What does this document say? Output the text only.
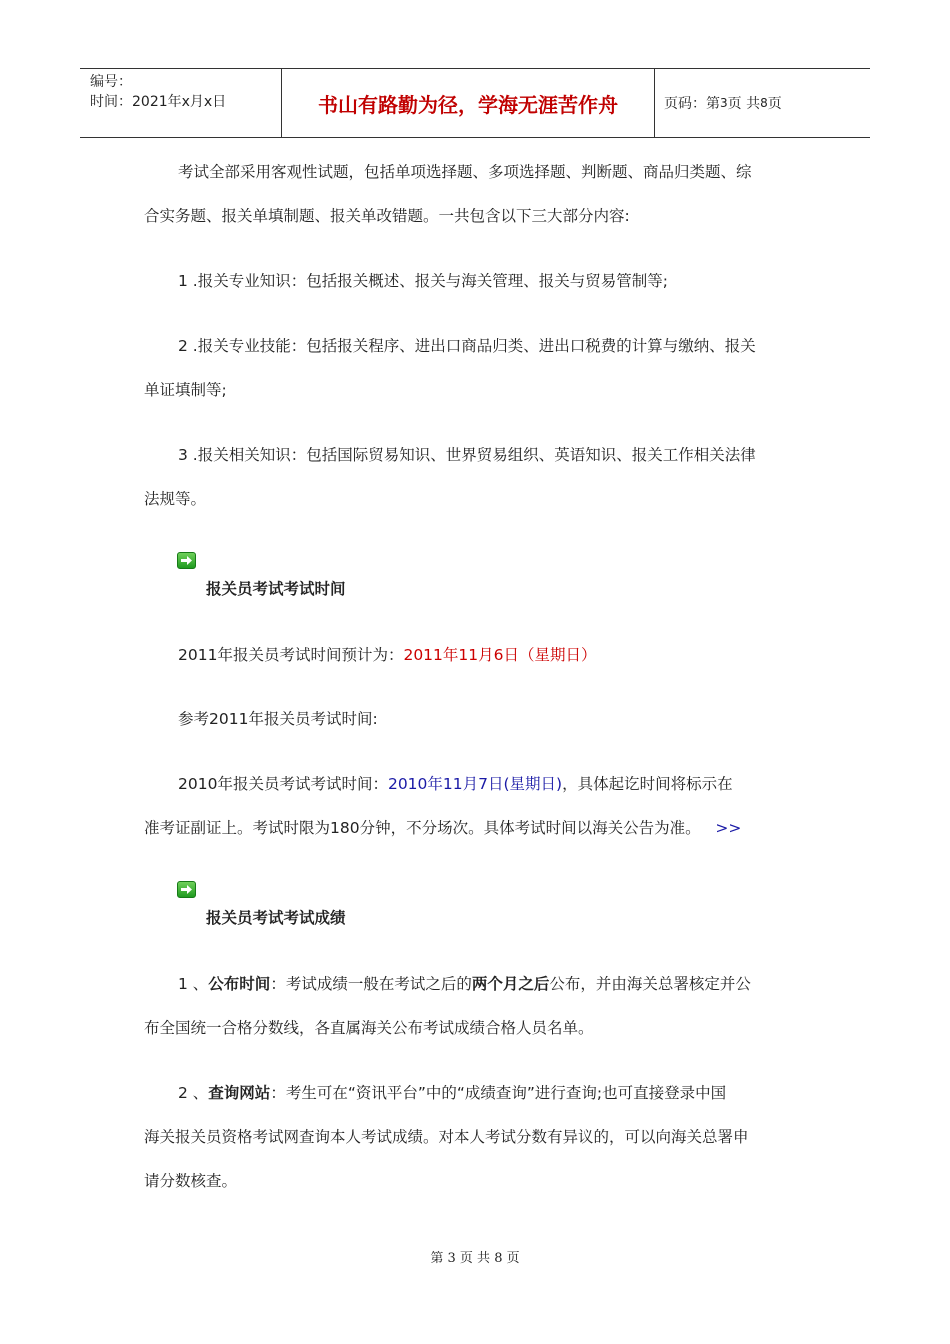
编号：
时间：2021年x月x日	书山有路勤为径，学海无涯苦作舟	页码：第 3 页 共 8 页

考试全部采用客观性试题，包括单项选择题、多项选择题、判断题、商品归类题、综

合实务题、报关单填制题、报关单改错题。一共包含以下三大部分内容:

1 .报关专业知识：包括报关概述、报关与海关管理、报关与贸易管制等;

2 .报关专业技能：包括报关程序、进出口商品归类、进出口税费的计算与缴纳、报关

单证填制等;

3 .报关相关知识：包括国际贸易知识、世界贸易组织、英语知识、报关工作相关法律

法规等。

报关员考试考试时间

2011年报关员考试时间预计为：2011年11月6日（星期日）

参考2011年报关员考试时间:

2010年报关员考试考试时间：2010年11月7日(星期日)，具体起讫时间将标示在

准考证副证上。考试时限为180分钟，不分场次。具体考试时间以海关公告为准。 >>

报关员考试考试成绩

1 、公布时间：考试成绩一般在考试之后的两个月之后公布，并由海关总署核定并公

布全国统一合格分数线，各直属海关公布考试成绩合格人员名单。

2 、查询网站：考生可在“资讯平台”中的“成绩查询”进行查询;也可直接登录中国

海关报关员资格考试网查询本人考试成绩。对本人考试分数有异议的，可以向海关总署申

请分数核查。

第 3 页 共 8 页
